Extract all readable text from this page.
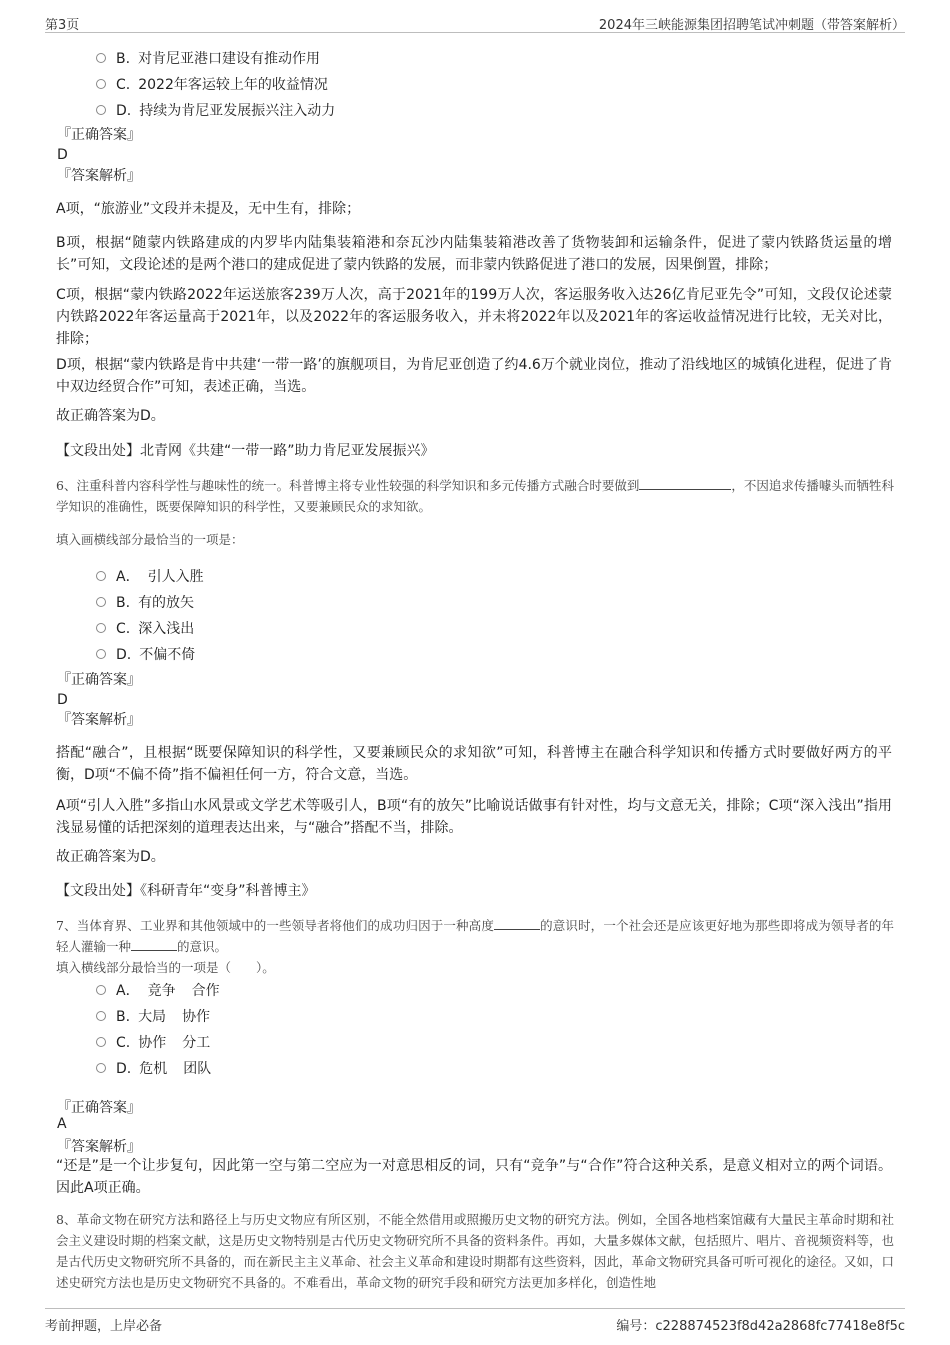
第3页	2024年三峡能源集团招聘笔试冲刺题（带答案解析）
B. 对肯尼亚港口建设有推动作用
C. 2022年客运较上年的收益情况
D. 持续为肯尼亚发展振兴注入动力
『正确答案』
D
『答案解析』
A项，“旅游业”文段并未提及，无中生有，排除；
B项，根据“随蒙内铁路建成的内罗毕内陆集装箱港和奈瓦沙内陆集装箱港改善了货物装卸和运输条件，促进了蒙内铁路货运量的增长”可知，文段论述的是两个港口的建成促进了蒙内铁路的发展，而非蒙内铁路促进了港口的发展，因果倒置，排除；
C项，根据“蒙内铁路2022年运送旅客239万人次，高于2021年的199万人次，客运服务收入达26亿肯尼亚先令”可知，文段仅论述蒙内铁路2022年客运量高于2021年，以及2022年的客运服务收入，并未将2022年以及2021年的客运收益情况进行比较，无关对比，排除；
D项，根据“蒙内铁路是肯中共建‘一带一路’的旗舰项目，为肯尼亚创造了约4.6万个就业岗位，推动了沿线地区的城镇化进程，促进了肯中双边经贸合作”可知，表述正确，当选。
故正确答案为D。
【文段出处】北青网《共建“一带一路”助力肯尼亚发展振兴》
6、注重科普内容科学性与趣味性的统一。科普博主将专业性较强的科学知识和多元传播方式融合时要做到	，不因追求传播噱头而牺牲科学知识的准确性，既要保障知识的科学性，又要兼顾民众的求知欲。
填入画横线部分最恰当的一项是：
A． 引人入胜
B. 有的放矢
C. 深入浅出
D. 不偏不倚
『正确答案』
D
『答案解析』
搭配“融合”，且根据“既要保障知识的科学性，又要兼顾民众的求知欲”可知，科普博主在融合科学知识和传播方式时要做好两方的平衡，D项“不偏不倚”指不偏袒任何一方，符合文意，当选。
A项“引人入胜”多指山水风景或文学艺术等吸引人，B项“有的放矢”比喻说话做事有针对性，均与文意无关，排除；C项“深入浅出”指用浅显易懂的话把深刻的道理表达出来，与“融合”搭配不当，排除。
故正确答案为D。
【文段出处】《科研青年“变身”科普博主》
7、当体育界、工业界和其他领域中的一些领导者将他们的成功归因于一种高度	的意识时，一个社会还是应该更好地为那些即将成为领导者的年轻人灌输一种	的意识。
填入横线部分最恰当的一项是（　　）。
A． 竞争 合作
B. 大局 协作
C. 协作 分工
D. 危机 团队
『正确答案』
A
『答案解析』
“还是”是一个让步复句，因此第一空与第二空应为一对意思相反的词，只有“竞争”与“合作”符合这种关系，是意义相对立的两个词语。因此A项正确。
8、革命文物在研究方法和路径上与历史文物应有所区别，不能全然借用或照搬历史文物的研究方法。例如，全国各地档案馆藏有大量民主革命时期和社会主义建设时期的档案文献，这是历史文物特别是古代历史文物研究所不具备的资料条件。再如，大量多媒体文献，包括照片、唱片、音视频资料等，也是古代历史文物研究所不具备的，而在新民主主义革命、社会主义革命和建设时期都有这些资料，因此，革命文物研究具备可听可视化的途径。又如，口述史研究方法也是历史文物研究不具备的。不难看出，革命文物的研究手段和研究方法更加多样化，创造性地
考前押题，上岸必备	编号：c228874523f8d42a2868fc77418e8f5c
